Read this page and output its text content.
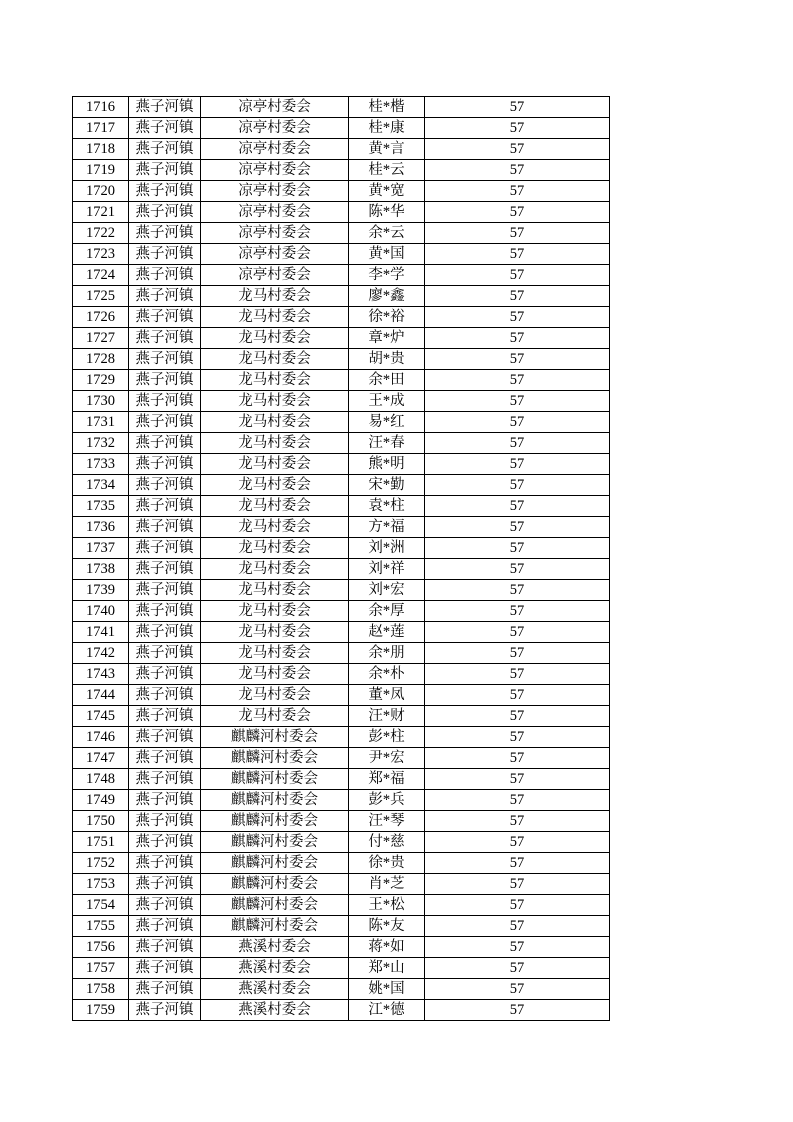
1716	燕子河镇	凉亭村委会	桂*楷	57
1717	燕子河镇	凉亭村委会	桂*康	57
1718	燕子河镇	凉亭村委会	黄*言	57
1719	燕子河镇	凉亭村委会	桂*云	57
1720	燕子河镇	凉亭村委会	黄*宽	57
1721	燕子河镇	凉亭村委会	陈*华	57
1722	燕子河镇	凉亭村委会	余*云	57
1723	燕子河镇	凉亭村委会	黄*国	57
1724	燕子河镇	凉亭村委会	李*学	57
1725	燕子河镇	龙马村委会	廖*鑫	57
1726	燕子河镇	龙马村委会	徐*裕	57
1727	燕子河镇	龙马村委会	章*炉	57
1728	燕子河镇	龙马村委会	胡*贵	57
1729	燕子河镇	龙马村委会	余*田	57
1730	燕子河镇	龙马村委会	王*成	57
1731	燕子河镇	龙马村委会	易*红	57
1732	燕子河镇	龙马村委会	汪*春	57
1733	燕子河镇	龙马村委会	熊*明	57
1734	燕子河镇	龙马村委会	宋*勤	57
1735	燕子河镇	龙马村委会	袁*柱	57
1736	燕子河镇	龙马村委会	方*福	57
1737	燕子河镇	龙马村委会	刘*洲	57
1738	燕子河镇	龙马村委会	刘*祥	57
1739	燕子河镇	龙马村委会	刘*宏	57
1740	燕子河镇	龙马村委会	余*厚	57
1741	燕子河镇	龙马村委会	赵*莲	57
1742	燕子河镇	龙马村委会	余*朋	57
1743	燕子河镇	龙马村委会	余*朴	57
1744	燕子河镇	龙马村委会	董*凤	57
1745	燕子河镇	龙马村委会	汪*财	57
1746	燕子河镇	麒麟河村委会	彭*柱	57
1747	燕子河镇	麒麟河村委会	尹*宏	57
1748	燕子河镇	麒麟河村委会	郑*福	57
1749	燕子河镇	麒麟河村委会	彭*兵	57
1750	燕子河镇	麒麟河村委会	汪*琴	57
1751	燕子河镇	麒麟河村委会	付*慈	57
1752	燕子河镇	麒麟河村委会	徐*贵	57
1753	燕子河镇	麒麟河村委会	肖*芝	57
1754	燕子河镇	麒麟河村委会	王*松	57
1755	燕子河镇	麒麟河村委会	陈*友	57
1756	燕子河镇	燕溪村委会	蒋*如	57
1757	燕子河镇	燕溪村委会	郑*山	57
1758	燕子河镇	燕溪村委会	姚*国	57
1759	燕子河镇	燕溪村委会	江*德	57
